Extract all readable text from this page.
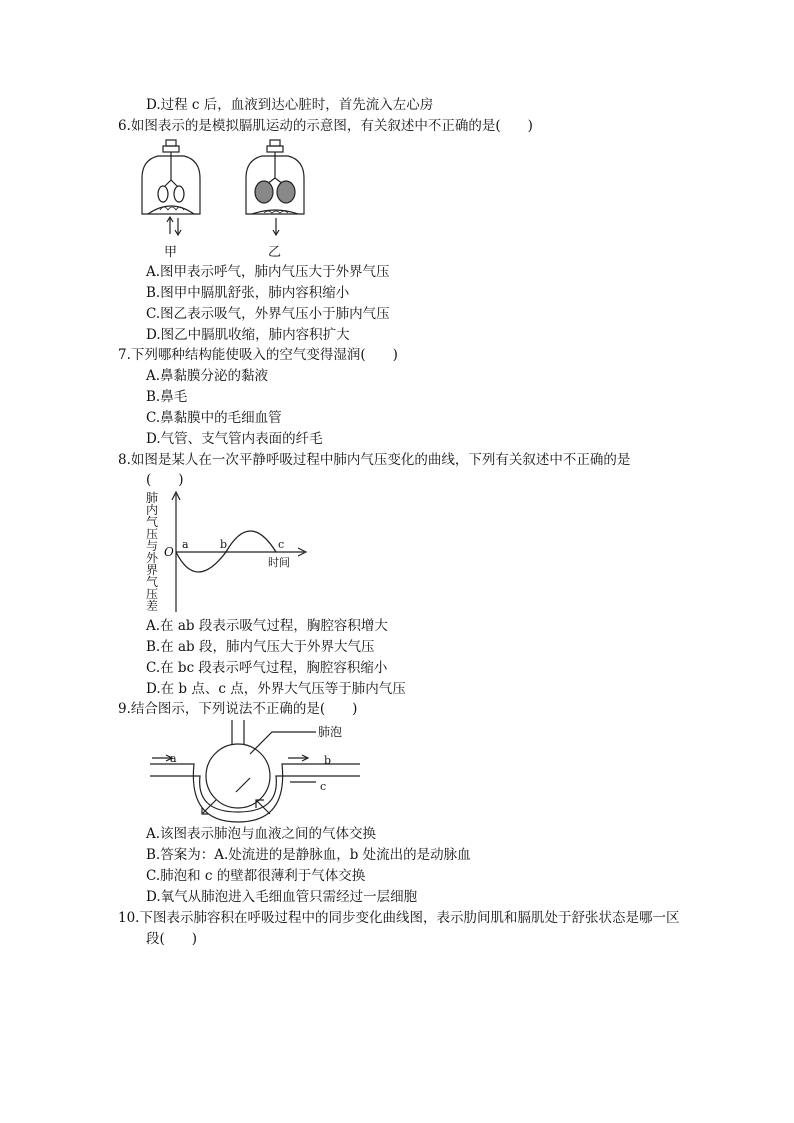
D.过程 c 后，血液到达心脏时，首先流入左心房
6.如图表示的是模拟膈肌运动的示意图，有关叙述中不正确的是(　　)
甲	乙
A.图甲表示呼气，肺内气压大于外界气压
B.图甲中膈肌舒张，肺内容积缩小
C.图乙表示吸气，外界气压小于肺内气压
D.图乙中膈肌收缩，肺内容积扩大
7.下列哪种结构能使吸入的空气变得湿润(　　)
A.鼻黏膜分泌的黏液
B.鼻毛
C.鼻黏膜中的毛细血管
D.气管、支气管内表面的纤毛
8.如图是某人在一次平静呼吸过程中肺内气压变化的曲线，下列有关叙述中不正确的是
(　　)
肺
内
气
压
与
外
界
气
压
差
O
a	b	c
时间
A.在 ab 段表示吸气过程，胸腔容积增大
B.在 ab 段，肺内气压大于外界大气压
C.在 bc 段表示呼气过程，胸腔容积缩小
D.在 b 点、c 点，外界大气压等于肺内气压
9.结合图示，下列说法不正确的是(　　)
肺泡
a	b
c
A.该图表示肺泡与血液之间的气体交换
B.答案为：A.处流进的是静脉血，b 处流出的是动脉血
C.肺泡和 c 的壁都很薄利于气体交换
D.氧气从肺泡进入毛细血管只需经过一层细胞
10.下图表示肺容积在呼吸过程中的同步变化曲线图，表示肋间肌和膈肌处于舒张状态是哪一区
段(　　)
